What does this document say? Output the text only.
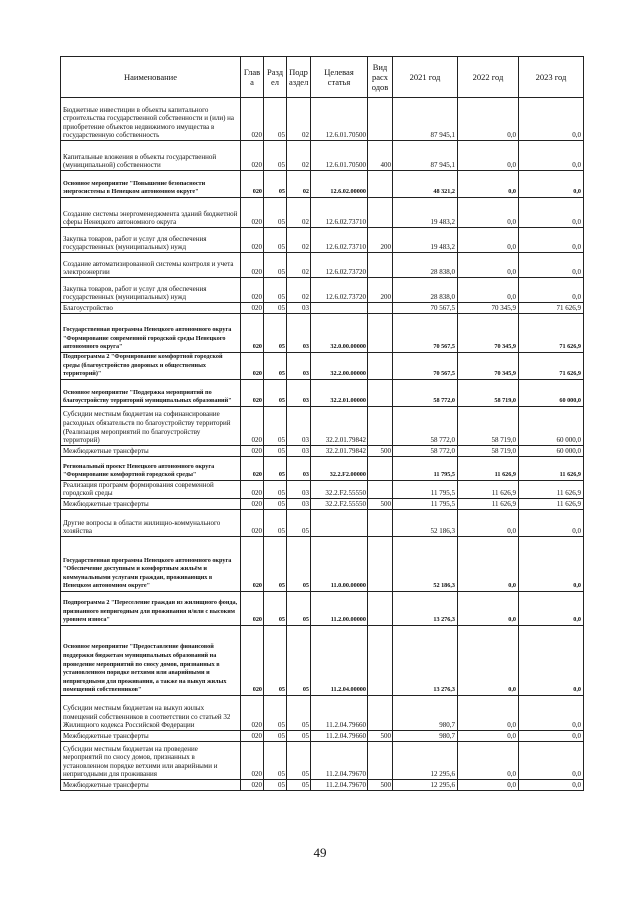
Наименование	Глав а	Разд ел	Подр аздел	Целевая статья	Вид расх одов	2021 год	2022 год	2023 год
Бюджетные инвестиции в объекты капитального строительства государственной собственности и (или) на приобретение объектов недвижимого имущества в государственную собственность	020	05	02	12.6.01.70500		87 945,1	0,0	0,0
Капитальные вложения в объекты государственной (муниципальной) собственности	020	05	02	12.6.01.70500	400	87 945,1	0,0	0,0
Основное мероприятие "Повышение безопасности энергосистемы в Ненецком автономном округе"	020	05	02	12.6.02.00000		48 321,2	0,0	0,0
Создание системы энергоменеджмента зданий бюджетной сферы Ненецкого автономного округа	020	05	02	12.6.02.73710		19 483,2	0,0	0,0
Закупка товаров, работ и услуг для обеспечения государственных (муниципальных) нужд	020	05	02	12.6.02.73710	200	19 483,2	0,0	0,0
Создание автоматизированной системы контроля и учета электроэнергии	020	05	02	12.6.02.73720		28 838,0	0,0	0,0
Закупка товаров, работ и услуг для обеспечения государственных (муниципальных) нужд	020	05	02	12.6.02.73720	200	28 838,0	0,0	0,0
Благоустройство	020	05	03			70 567,5	70 345,9	71 626,9
Государственная программа Ненецкого автономного округа "Формирование современной городской среды Ненецкого автономного округа"	020	05	03	32.0.00.00000		70 567,5	70 345,9	71 626,9
Подпрограмма 2 "Формирование комфортной городской среды (благоустройство дворовых и общественных территорий)"	020	05	03	32.2.00.00000		70 567,5	70 345,9	71 626,9
Основное мероприятие "Поддержка мероприятий по благоустройству территорий муниципальных образований"	020	05	03	32.2.01.00000		58 772,0	58 719,0	60 000,0
Субсидии местным бюджетам на софинансирование расходных обязательств по благоустройству территорий (Реализация мероприятий по благоустройству территорий)	020	05	03	32.2.01.79842		58 772,0	58 719,0	60 000,0
Межбюджетные трансферты	020	05	03	32.2.01.79842	500	58 772,0	58 719,0	60 000,0
Региональный проект Ненецкого автономного округа "Формирование комфортной городской среды"	020	05	03	32.2.F2.00000		11 795,5	11 626,9	11 626,9
Реализация программ формирования современной городской среды	020	05	03	32.2.F2.55550		11 795,5	11 626,9	11 626,9
Межбюджетные трансферты	020	05	03	32.2.F2.55550	500	11 795,5	11 626,9	11 626,9
Другие вопросы в области жилищно-коммунального хозяйства	020	05	05			52 186,3	0,0	0,0
Государственная программа Ненецкого автономного округа "Обеспечение доступным и комфортным жильём и коммунальными услугами граждан, проживающих в Ненецком автономном округе"	020	05	05	11.0.00.00000		52 186,3	0,0	0,0
Подпрограмма 2 "Переселение граждан из жилищного фонда, признанного непригодным для проживания и/или с высоким уровнем износа"	020	05	05	11.2.00.00000		13 276,3	0,0	0,0
Основное мероприятие "Предоставление финансовой поддержки бюджетам муниципальных образований на проведение мероприятий по сносу домов, признанных в установленном порядке ветхими или аварийными и непригодными для проживания, а также на выкуп жилых помещений собственников"	020	05	05	11.2.04.00000		13 276,3	0,0	0,0
Субсидии местным бюджетам на выкуп жилых помещений собственников в соответствии со статьей 32 Жилищного кодекса Российской Федерации	020	05	05	11.2.04.79660		980,7	0,0	0,0
Межбюджетные трансферты	020	05	05	11.2.04.79660	500	980,7	0,0	0,0
Субсидии местным бюджетам на проведение мероприятий по сносу домов, признанных в установленном порядке ветхими или аварийными и непригодными для проживания	020	05	05	11.2.04.79670		12 295,6	0,0	0,0
Межбюджетные трансферты	020	05	05	11.2.04.79670	500	12 295,6	0,0	0,0
49
